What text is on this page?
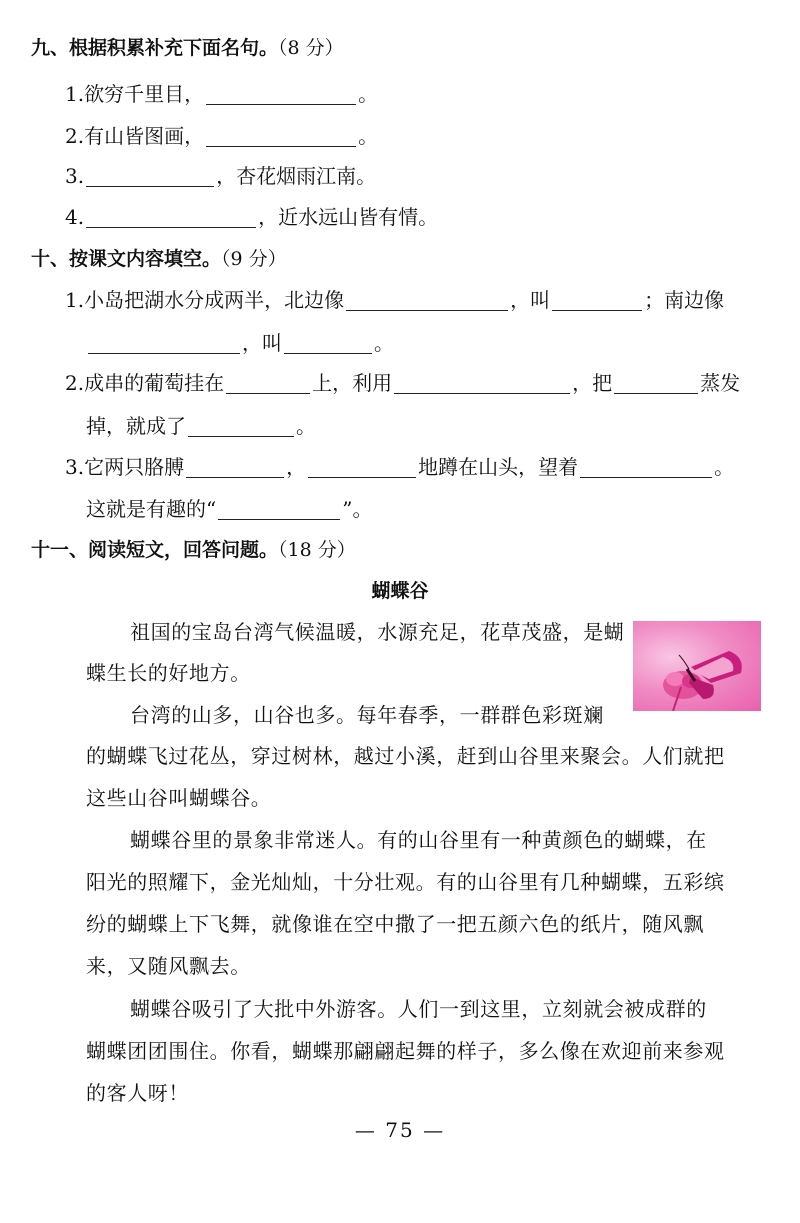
九、根据积累补充下面名句。（8 分）
1.欲穷千里目，	。
2.有山皆图画，	。
3.	，杏花烟雨江南。
4.	，近水远山皆有情。
十、按课文内容填空。（9 分）
1.小岛把湖水分成两半，北边像	，叫	；南边像
，叫	。
2.成串的葡萄挂在	上，利用	，把	蒸发
掉，就成了	。
3.它两只胳膊	，	地蹲在山头，望着	。
这就是有趣的“	”。
十一、阅读短文，回答问题。（18 分）
蝴蝶谷
祖国的宝岛台湾气候温暖，水源充足，花草茂盛，是蝴
蝶生长的好地方。
台湾的山多，山谷也多。每年春季，一群群色彩斑斓
的蝴蝶飞过花丛，穿过树林，越过小溪，赶到山谷里来聚会。人们就把
这些山谷叫蝴蝶谷。
蝴蝶谷里的景象非常迷人。有的山谷里有一种黄颜色的蝴蝶，在
阳光的照耀下，金光灿灿，十分壮观。有的山谷里有几种蝴蝶，五彩缤
纷的蝴蝶上下飞舞，就像谁在空中撒了一把五颜六色的纸片，随风飘
来，又随风飘去。
蝴蝶谷吸引了大批中外游客。人们一到这里，立刻就会被成群的
蝴蝶团团围住。你看，蝴蝶那翩翩起舞的样子，多么像在欢迎前来参观
的客人呀！
— 75 —
